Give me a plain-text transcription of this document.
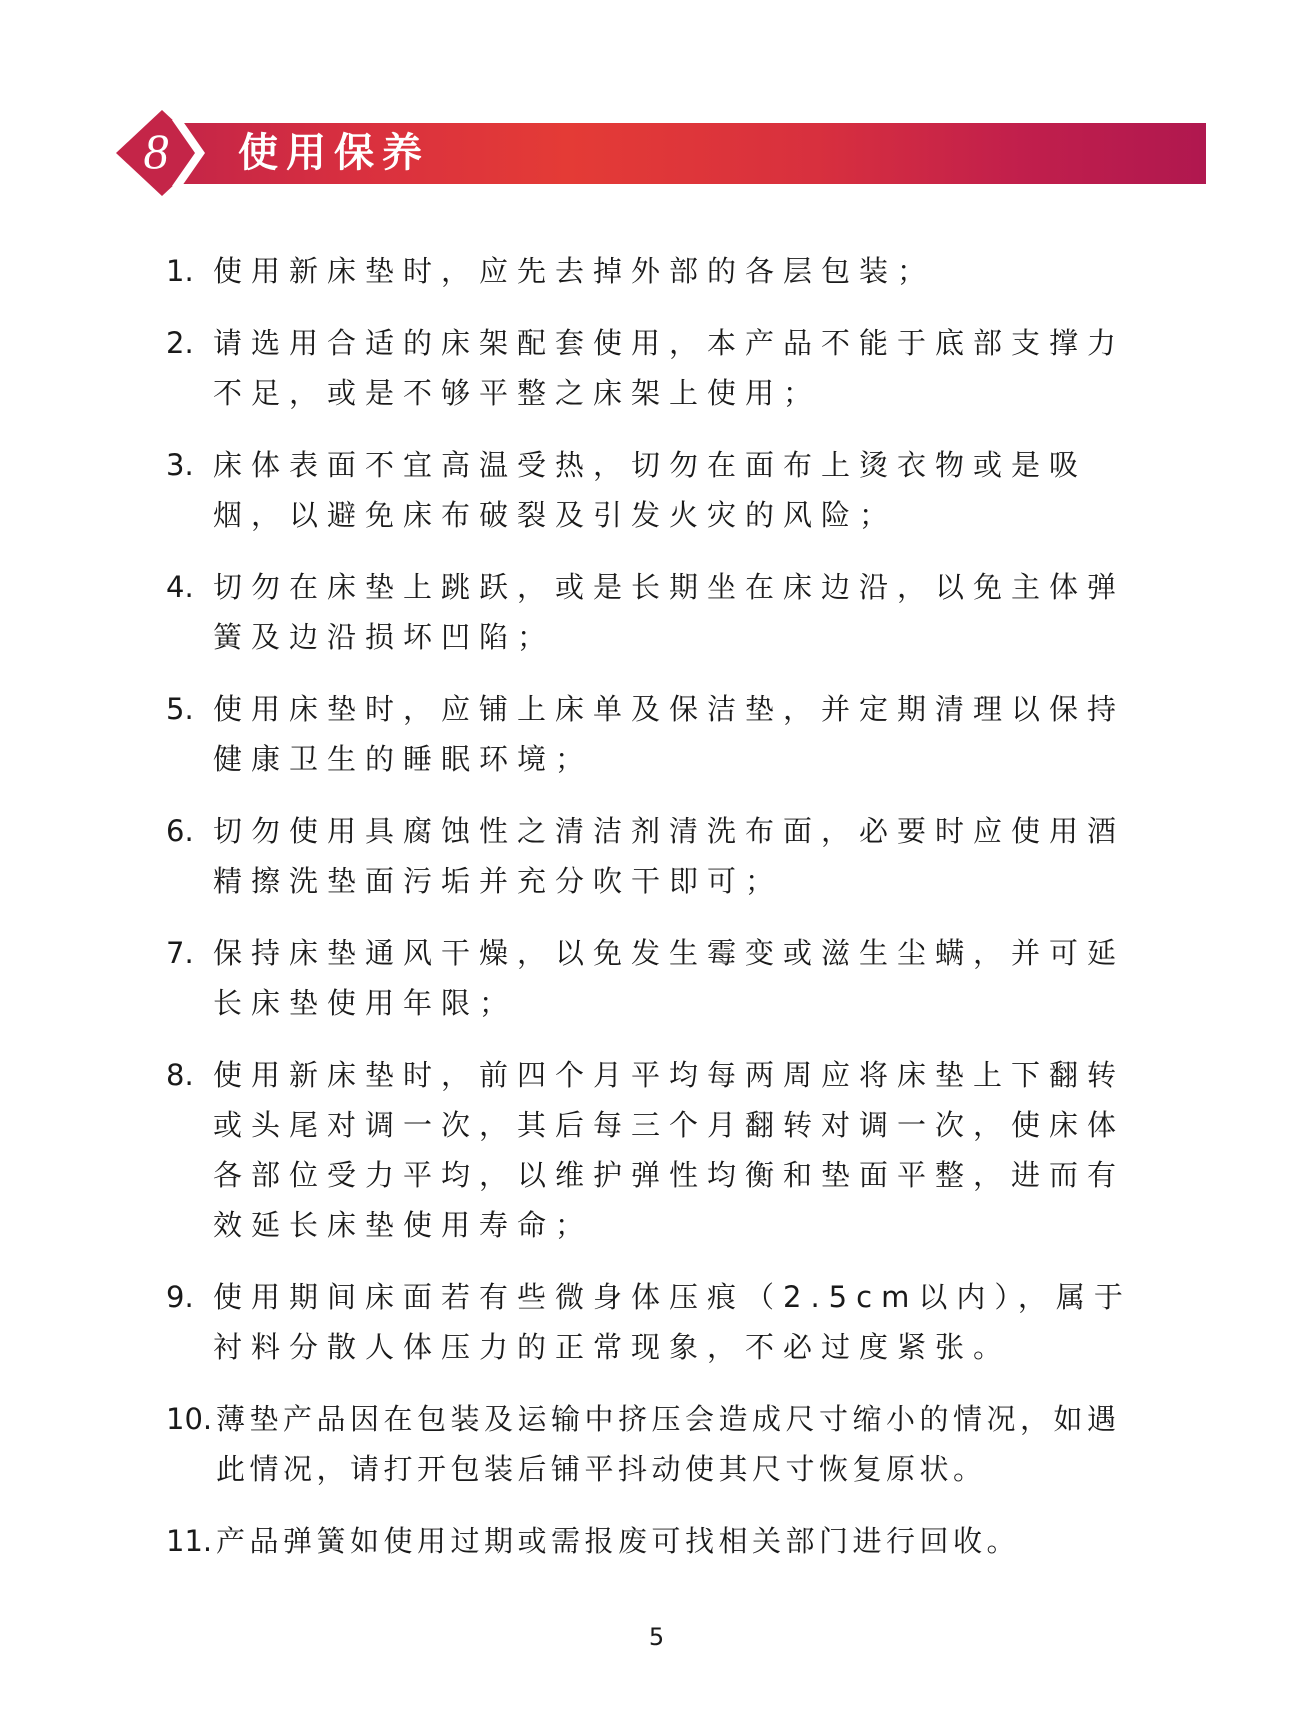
8 使用保养
1. 使用新床垫时，应先去掉外部的各层包装；
2. 请选用合适的床架配套使用，本产品不能于底部支撑力不足，或是不够平整之床架上使用；
3. 床体表面不宜高温受热，切勿在面布上烫衣物或是吸烟，以避免床布破裂及引发火灾的风险；
4. 切勿在床垫上跳跃，或是长期坐在床边沿，以免主体弹簧及边沿损坏凹陷；
5. 使用床垫时，应铺上床单及保洁垫，并定期清理以保持健康卫生的睡眠环境；
6. 切勿使用具腐蚀性之清洁剂清洗布面，必要时应使用酒精擦洗垫面污垢并充分吹干即可；
7. 保持床垫通风干燥，以免发生霉变或滋生尘螨，并可延长床垫使用年限；
8. 使用新床垫时，前四个月平均每两周应将床垫上下翻转或头尾对调一次，其后每三个月翻转对调一次，使床体各部位受力平均，以维护弹性均衡和垫面平整，进而有效延长床垫使用寿命；
9. 使用期间床面若有些微身体压痕（2.5cm以内），属于衬料分散人体压力的正常现象，不必过度紧张。
10. 薄垫产品因在包装及运输中挤压会造成尺寸缩小的情况，如遇此情况，请打开包装后铺平抖动使其尺寸恢复原状。
11. 产品弹簧如使用过期或需报废可找相关部门进行回收。
5
